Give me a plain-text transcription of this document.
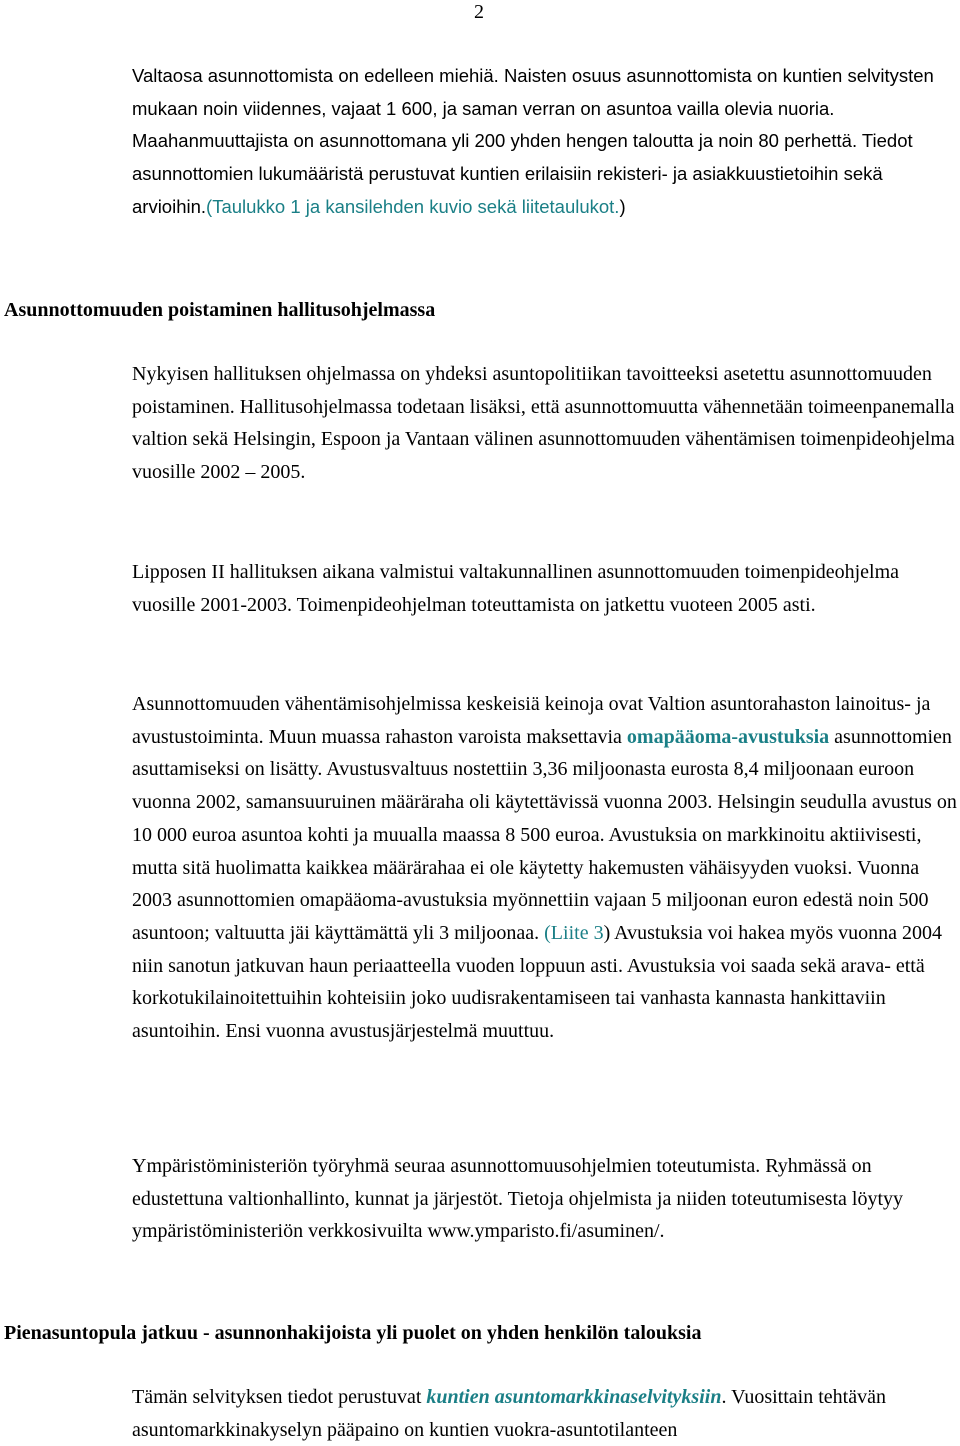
2

Valtaosa asunnottomista on edelleen miehiä. Naisten osuus asunnottomista on kuntien selvitysten mukaan noin viidennes, vajaat 1 600, ja saman verran on asuntoa vailla olevia nuoria. Maahanmuuttajista on asunnottomana yli 200 yhden hengen taloutta ja noin 80 perhettä. Tiedot asunnottomien lukumääristä perustuvat kuntien erilaisiin rekisteri- ja asiakkuustietoihin sekä arvioihin.(Taulukko 1 ja kansilehden kuvio sekä liitetaulukot.)

Asunnottomuuden poistaminen hallitusohjelmassa

Nykyisen hallituksen ohjelmassa on yhdeksi asuntopolitiikan tavoitteeksi asetettu asunnottomuuden poistaminen. Hallitusohjelmassa todetaan lisäksi, että asunnottomuutta vähennetään toimeenpanemalla valtion sekä Helsingin, Espoon ja Vantaan välinen asunnottomuuden vähentämisen toimenpideohjelma vuosille 2002 – 2005.

Lipposen II hallituksen aikana valmistui valtakunnallinen asunnottomuuden toimenpideohjelma vuosille 2001-2003. Toimenpideohjelman toteuttamista on jatkettu vuoteen 2005 asti.

Asunnottomuuden vähentämisohjelmissa keskeisiä keinoja ovat Valtion asuntorahaston lainoitus- ja avustustoiminta. Muun muassa rahaston varoista maksettavia omapääoma-avustuksia asunnottomien asuttamiseksi on lisätty. Avustusvaltuus nostettiin 3,36 miljoonasta eurosta 8,4 miljoonaan euroon vuonna 2002, samansuuruinen määräraha oli käytettävissä vuonna 2003. Helsingin seudulla avustus on 10 000 euroa asuntoa kohti ja muualla maassa 8 500 euroa. Avustuksia on markkinoitu aktiivisesti, mutta sitä huolimatta kaikkea määrärahaa ei ole käytetty hakemusten vähäisyyden vuoksi. Vuonna 2003 asunnottomien omapääoma-avustuksia myönnettiin vajaan 5 miljoonan euron edestä noin 500 asuntoon; valtuutta jäi käyttämättä yli 3 miljoonaa. (Liite 3) Avustuksia voi hakea myös vuonna 2004 niin sanotun jatkuvan haun periaatteella vuoden loppuun asti. Avustuksia voi saada sekä arava- että korkotukilainoitettuihin kohteisiin joko uudisrakentamiseen tai vanhasta kannasta hankittaviin asuntoihin. Ensi vuonna avustusjärjestelmä muuttuu.

Ympäristöministeriön työryhmä seuraa asunnottomuusohjelmien toteutumista. Ryhmässä on edustettuna valtionhallinto, kunnat ja järjestöt. Tietoja ohjelmista ja niiden toteutumisesta löytyy ympäristöministeriön verkkosivuilta www.ymparisto.fi/asuminen/.

Pienasuntopula jatkuu - asunnonhakijoista yli puolet on yhden henkilön talouksia

Tämän selvityksen tiedot perustuvat kuntien asuntomarkkinaselvityksiin. Vuosittain tehtävän asuntomarkkinakyselyn pääpaino on kuntien vuokra-asuntotilanteen
